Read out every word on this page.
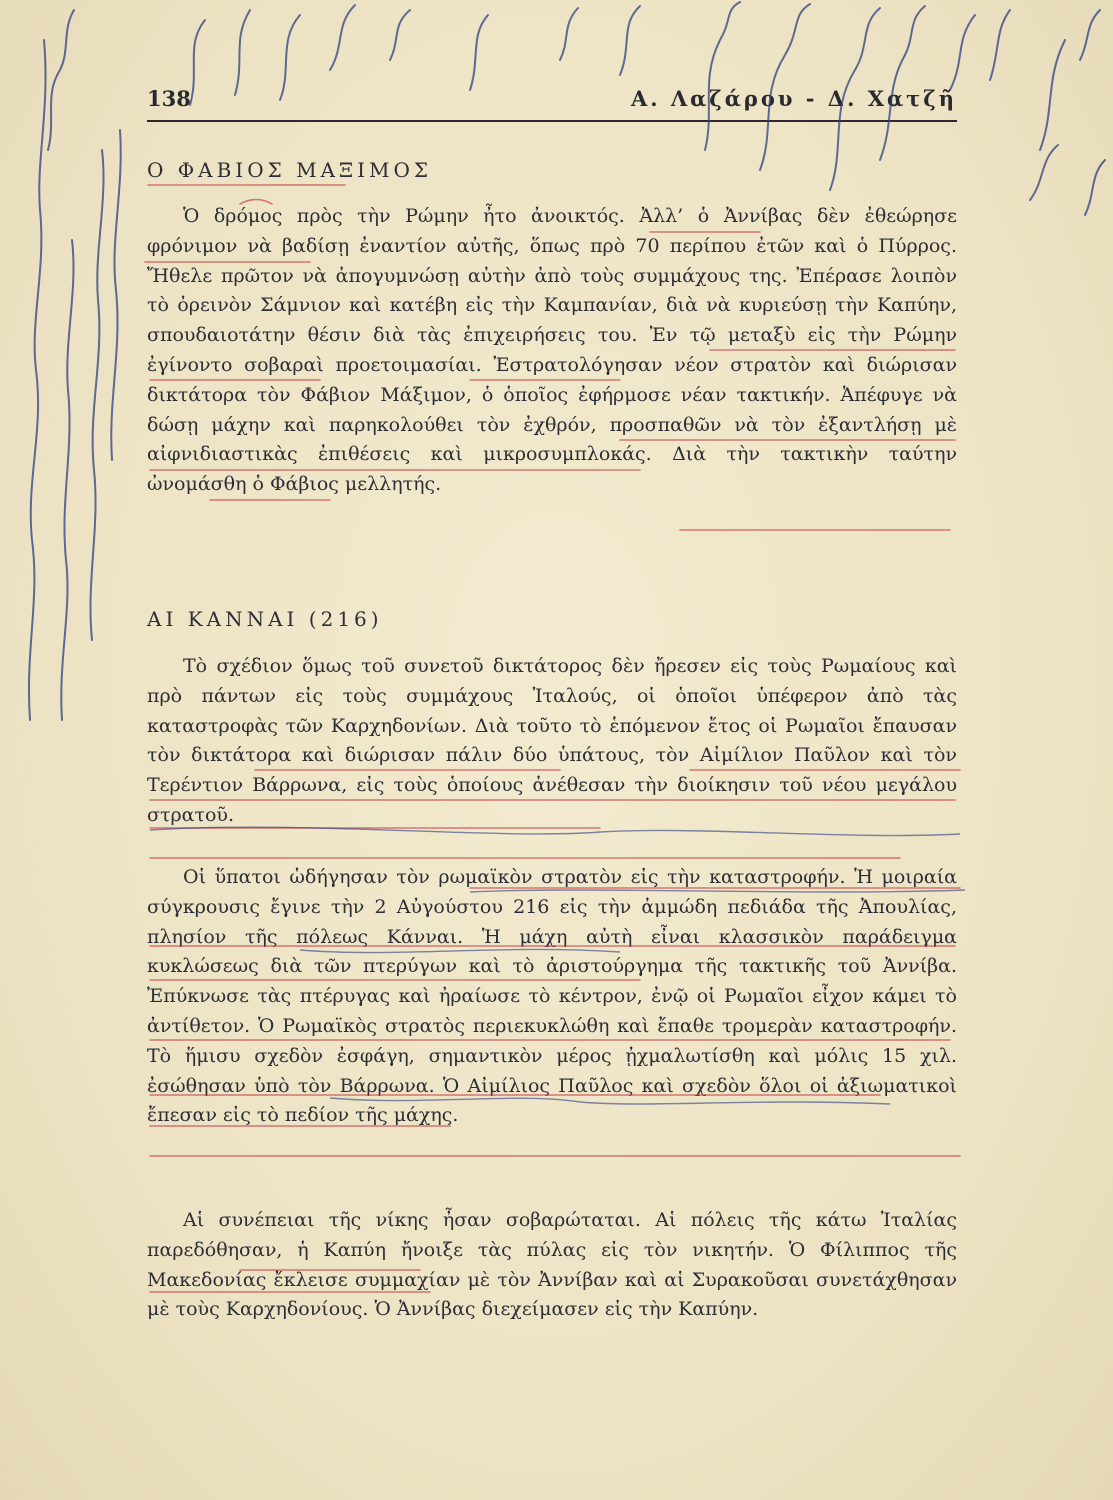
138	Α. Λαζάρου - Δ. Χατζῆ
Ο ΦΑΒΙΟΣ ΜΑΞΙΜΟΣ

Ὁ δρόμος πρὸς τὴν Ρώμην ἦτο ἀνοικτός. Ἀλλ’ ὁ Ἀννίβας δὲν ἐθεώρησε φρόνιμον νὰ βαδίσῃ ἐναντίον αὐτῆς, ὅπως πρὸ 70 περίπου ἐτῶν καὶ ὁ Πύρρος. Ἤθελε πρῶτον νὰ ἀπογυμνώσῃ αὐτὴν ἀπὸ τοὺς συμμάχους της. Ἐπέρασε λοιπὸν τὸ ὀρεινὸν Σάμνιον καὶ κατέβη εἰς τὴν Καμπανίαν, διὰ νὰ κυριεύσῃ τὴν Καπύην, σπουδαιοτάτην θέσιν διὰ τὰς ἐπιχειρήσεις του. Ἐν τῷ μεταξὺ εἰς τὴν Ρώμην ἐγίνοντο σοβαραὶ προετοιμασίαι. Ἐστρατολόγησαν νέον στρατὸν καὶ διώρισαν δικτάτορα τὸν Φάβιον Μάξιμον, ὁ ὁποῖος ἐφήρμοσε νέαν τακτικήν. Ἀπέφυγε νὰ δώσῃ μάχην καὶ παρηκολούθει τὸν ἐχθρόν, προσπαθῶν νὰ τὸν ἐξαντλήσῃ μὲ αἰφνιδιαστικὰς ἐπιθέσεις καὶ μικροσυμπλοκάς. Διὰ τὴν τακτικὴν ταύτην ὠνομάσθη ὁ Φάβιος μελλητής.

ΑΙ ΚΑΝΝΑΙ (216)

Τὸ σχέδιον ὅμως τοῦ συνετοῦ δικτάτορος δὲν ἤρεσεν εἰς τοὺς Ρωμαίους καὶ πρὸ πάντων εἰς τοὺς συμμάχους Ἰταλούς, οἱ ὁποῖοι ὑπέφερον ἀπὸ τὰς καταστροφὰς τῶν Καρχηδονίων. Διὰ τοῦτο τὸ ἑπόμενον ἔτος οἱ Ρωμαῖοι ἔπαυσαν τὸν δικτάτορα καὶ διώρισαν πάλιν δύο ὑπάτους, τὸν Αἰμίλιον Παῦλον καὶ τὸν Τερέντιον Βάρρωνα, εἰς τοὺς ὁποίους ἀνέθεσαν τὴν διοίκησιν τοῦ νέου μεγάλου στρατοῦ.

Οἱ ὕπατοι ὡδήγησαν τὸν ρωμαϊκὸν στρατὸν εἰς τὴν καταστροφήν. Ἡ μοιραία σύγκρουσις ἔγινε τὴν 2 Αὐγούστου 216 εἰς τὴν ἀμμώδη πεδιάδα τῆς Ἀπουλίας, πλησίον τῆς πόλεως Κάνναι. Ἡ μάχη αὐτὴ εἶναι κλασσικὸν παράδειγμα κυκλώσεως διὰ τῶν πτερύγων καὶ τὸ ἀριστούργημα τῆς τακτικῆς τοῦ Ἀννίβα. Ἐπύκνωσε τὰς πτέρυγας καὶ ἠραίωσε τὸ κέντρον, ἐνῷ οἱ Ρωμαῖοι εἶχον κάμει τὸ ἀντίθετον. Ὁ Ρωμαϊκὸς στρατὸς περιεκυκλώθη καὶ ἔπαθε τρομερὰν καταστροφήν. Τὸ ἥμισυ σχεδὸν ἐσφάγη, σημαντικὸν μέρος ᾐχμαλωτίσθη καὶ μόλις 15 χιλ. ἐσώθησαν ὑπὸ τὸν Βάρρωνα. Ὁ Αἰμίλιος Παῦλος καὶ σχεδὸν ὅλοι οἱ ἀξιωματικοὶ ἔπεσαν εἰς τὸ πεδίον τῆς μάχης.

Αἱ συνέπειαι τῆς νίκης ἦσαν σοβαρώταται. Αἱ πόλεις τῆς κάτω Ἰταλίας παρεδόθησαν, ἡ Καπύη ἤνοιξε τὰς πύλας εἰς τὸν νικητήν. Ὁ Φίλιππος τῆς Μακεδονίας ἔκλεισε συμμαχίαν μὲ τὸν Ἀννίβαν καὶ αἱ Συρακοῦσαι συνετάχθησαν μὲ τοὺς Καρχηδονίους. Ὁ Ἀννίβας διεχείμασεν εἰς τὴν Καπύην.
